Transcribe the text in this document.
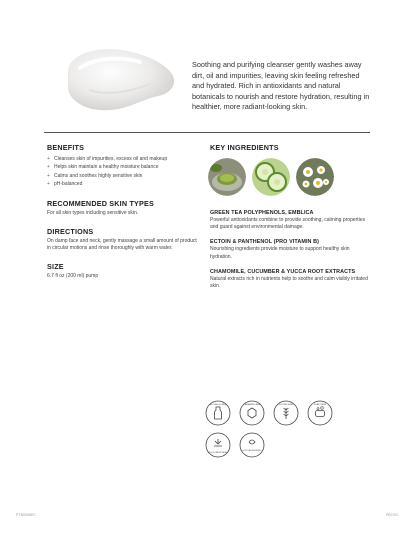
Soothing and purifying cleanser gently washes away dirt, oil and impurities, leaving skin feeling refreshed and hydrated. Rich in antioxidants and natural botanicals to nourish and restore hydration, resulting in healthier, more radiant-looking skin.

BENEFITS
+ Cleanses skin of impurities, excess oil and makeup
+ Helps skin maintain a healthy moisture balance
+ Calms and soothes highly sensitive skin
+ pH-balanced
RECOMMENDED SKIN TYPES
For all skin types including sensitive skin.
DIRECTIONS
On damp face and neck, gently massage a small amount of product in circular motions and rinse thoroughly with warm water.
SIZE
6.7 fl oz (200 ml) pump
KEY INGREDIENTS
GREEN TEA POLYPHENOLS, EMBLICA
Powerful antioxidants combine to provide soothing, calming properties and guard against environmental damage.
ECTOIN & PANTHENOL (PRO VITAMIN B)
Nourishing ingredients provide moisture to support healthy skin hydration.
CHAMOMILE, CUCUMBER & YUCCA ROOT EXTRACTS
Natural extracts rich in nutrients help to soothe and calm visibly irritated skin.
ALCOHOL FREE	PARABEN FREE	GLUTEN FREE	SOAP FREE
NON COMEDOGENIC
HYPO ALLERGENIC
PTB0006EC	PB7/23
